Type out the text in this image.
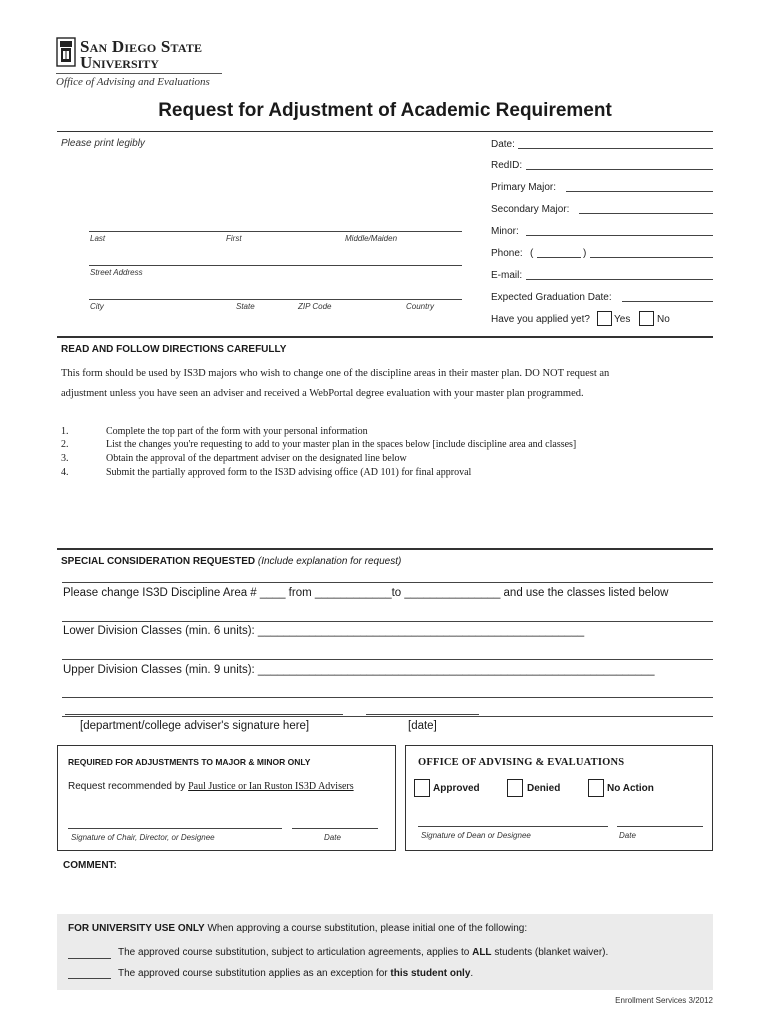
San Diego State
University
Office of Advising and Evaluations
Request for Adjustment of Academic Requirement
Please print legibly	Date:
RedID:
Primary Major:
Secondary Major:
Minor:
Phone: (	)
E-mail:
Expected Graduation Date:
Have you applied yet? Yes	No
Last	First	Middle/Maiden
Street Address
City	State	ZIP Code	Country
READ AND FOLLOW DIRECTIONS CAREFULLY
This form should be used by IS3D majors who wish to change one of the discipline areas in their master plan. DO NOT request an
adjustment unless you have seen an adviser and received a WebPortal degree evaluation with your master plan programmed.
1.	Complete the top part of the form with your personal information
2.	List the changes you're requesting to add to your master plan in the spaces below [include discipline area and classes]
3.	Obtain the approval of the department adviser on the designated line below
4.	Submit the partially approved form to the IS3D advising office (AD 101) for final approval
SPECIAL CONSIDERATION REQUESTED (Include explanation for request)
Please change IS3D Discipline Area # ____ from ____________to _______________ and use the classes listed below
Lower Division Classes (min. 6 units): ___________________________________________________
Upper Division Classes (min. 9 units): ______________________________________________________________
[department/college adviser's signature here]	[date]
REQUIRED FOR ADJUSTMENTS TO MAJOR & MINOR ONLY
Request recommended by Paul Justice or Ian Ruston IS3D Advisers
Signature of Chair, Director, or Designee	Date
OFFICE OF ADVISING & EVALUATIONS
Approved	Denied	No Action
Signature of Dean or Designee	Date
COMMENT:
FOR UNIVERSITY USE ONLY When approving a course substitution, please initial one of the following:
The approved course substitution, subject to articulation agreements, applies to ALL students (blanket waiver).
The approved course substitution applies as an exception for this student only.
Enrollment Services 3/2012
